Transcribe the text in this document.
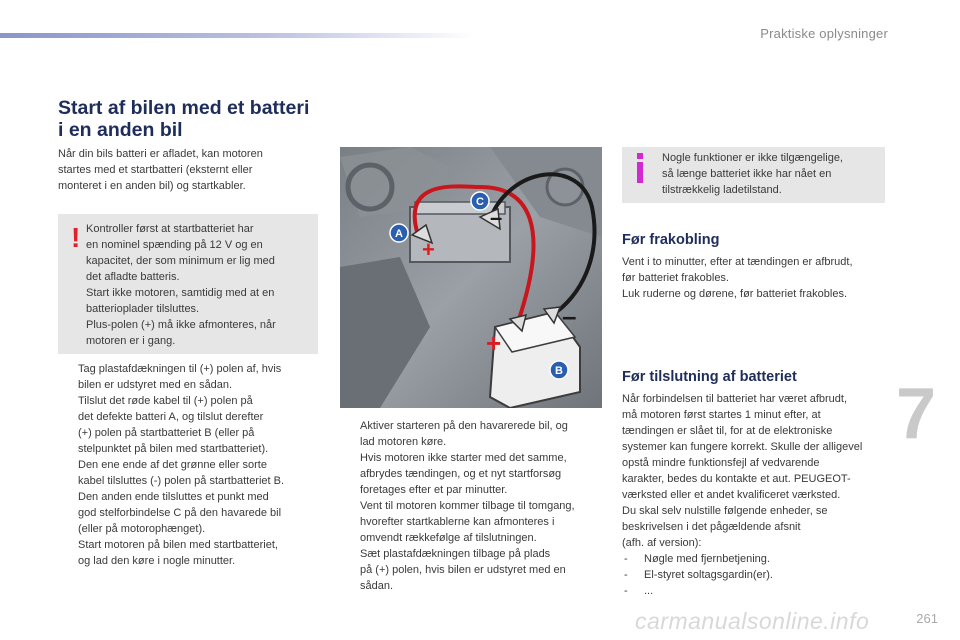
Praktiske oplysninger
Start af bilen med et batteri
i en anden bil
Når din bils batteri er afladet, kan motoren
startes med et startbatteri (eksternt eller
monteret i en anden bil) og startkabler.
! Kontroller først at startbatteriet har
en nominel spænding på 12 V og en
kapacitet, der som minimum er lig med
det afladte batteris.
Start ikke motoren, samtidig med at en
batterioplader tilsluttes.
Plus-polen (+) må ikke afmonteres, når
motoren er i gang.
Tag plastafdækningen til (+) polen af, hvis
bilen er udstyret med en sådan.
Tilslut det røde kabel til (+) polen på
det defekte batteri A, og tilslut derefter
(+) polen på startbatteriet B (eller på
stelpunktet på bilen med startbatteriet).
Den ene ende af det grønne eller sorte
kabel tilsluttes (-) polen på startbatteriet B.
Den anden ende tilsluttes et punkt med
god stelforbindelse C på den havarede bil
(eller på motorophænget).
Start motoren på bilen med startbatteriet,
og lad den køre i nogle minutter.
+
–
+
–
A
B
C
Aktiver starteren på den havarerede bil, og
lad motoren køre.
Hvis motoren ikke starter med det samme,
afbrydes tændingen, og et nyt startforsøg
foretages efter et par minutter.
Vent til motoren kommer tilbage til tomgang,
hvorefter startkablerne kan afmonteres i
omvendt rækkefølge af tilslutningen.
Sæt plastafdækningen tilbage på plads
på (+) polen, hvis bilen er udstyret med en
sådan.
Nogle funktioner er ikke tilgængelige,
så længe batteriet ikke har nået en
tilstrækkelig ladetilstand.
Før frakobling
Vent i to minutter, efter at tændingen er afbrudt,
før batteriet frakobles.
Luk ruderne og dørene, før batteriet frakobles.
Før tilslutning af batteriet
Når forbindelsen til batteriet har været afbrudt,
må motoren først startes 1 minut efter, at
tændingen er slået til, for at de elektroniske
systemer kan fungere korrekt. Skulle der alligevel
opstå mindre funktionsfejl af vedvarende
karakter, bedes du kontakte et aut. PEUGEOT-
værksted eller et andet kvalificeret værksted.
Du skal selv nulstille følgende enheder, se
beskrivelsen i det pågældende afsnit
(afh. af version):
- Nøgle med fjernbetjening.
- El-styret soltagsgardin(er).
- ...
7
carmanualsonline.info	261
